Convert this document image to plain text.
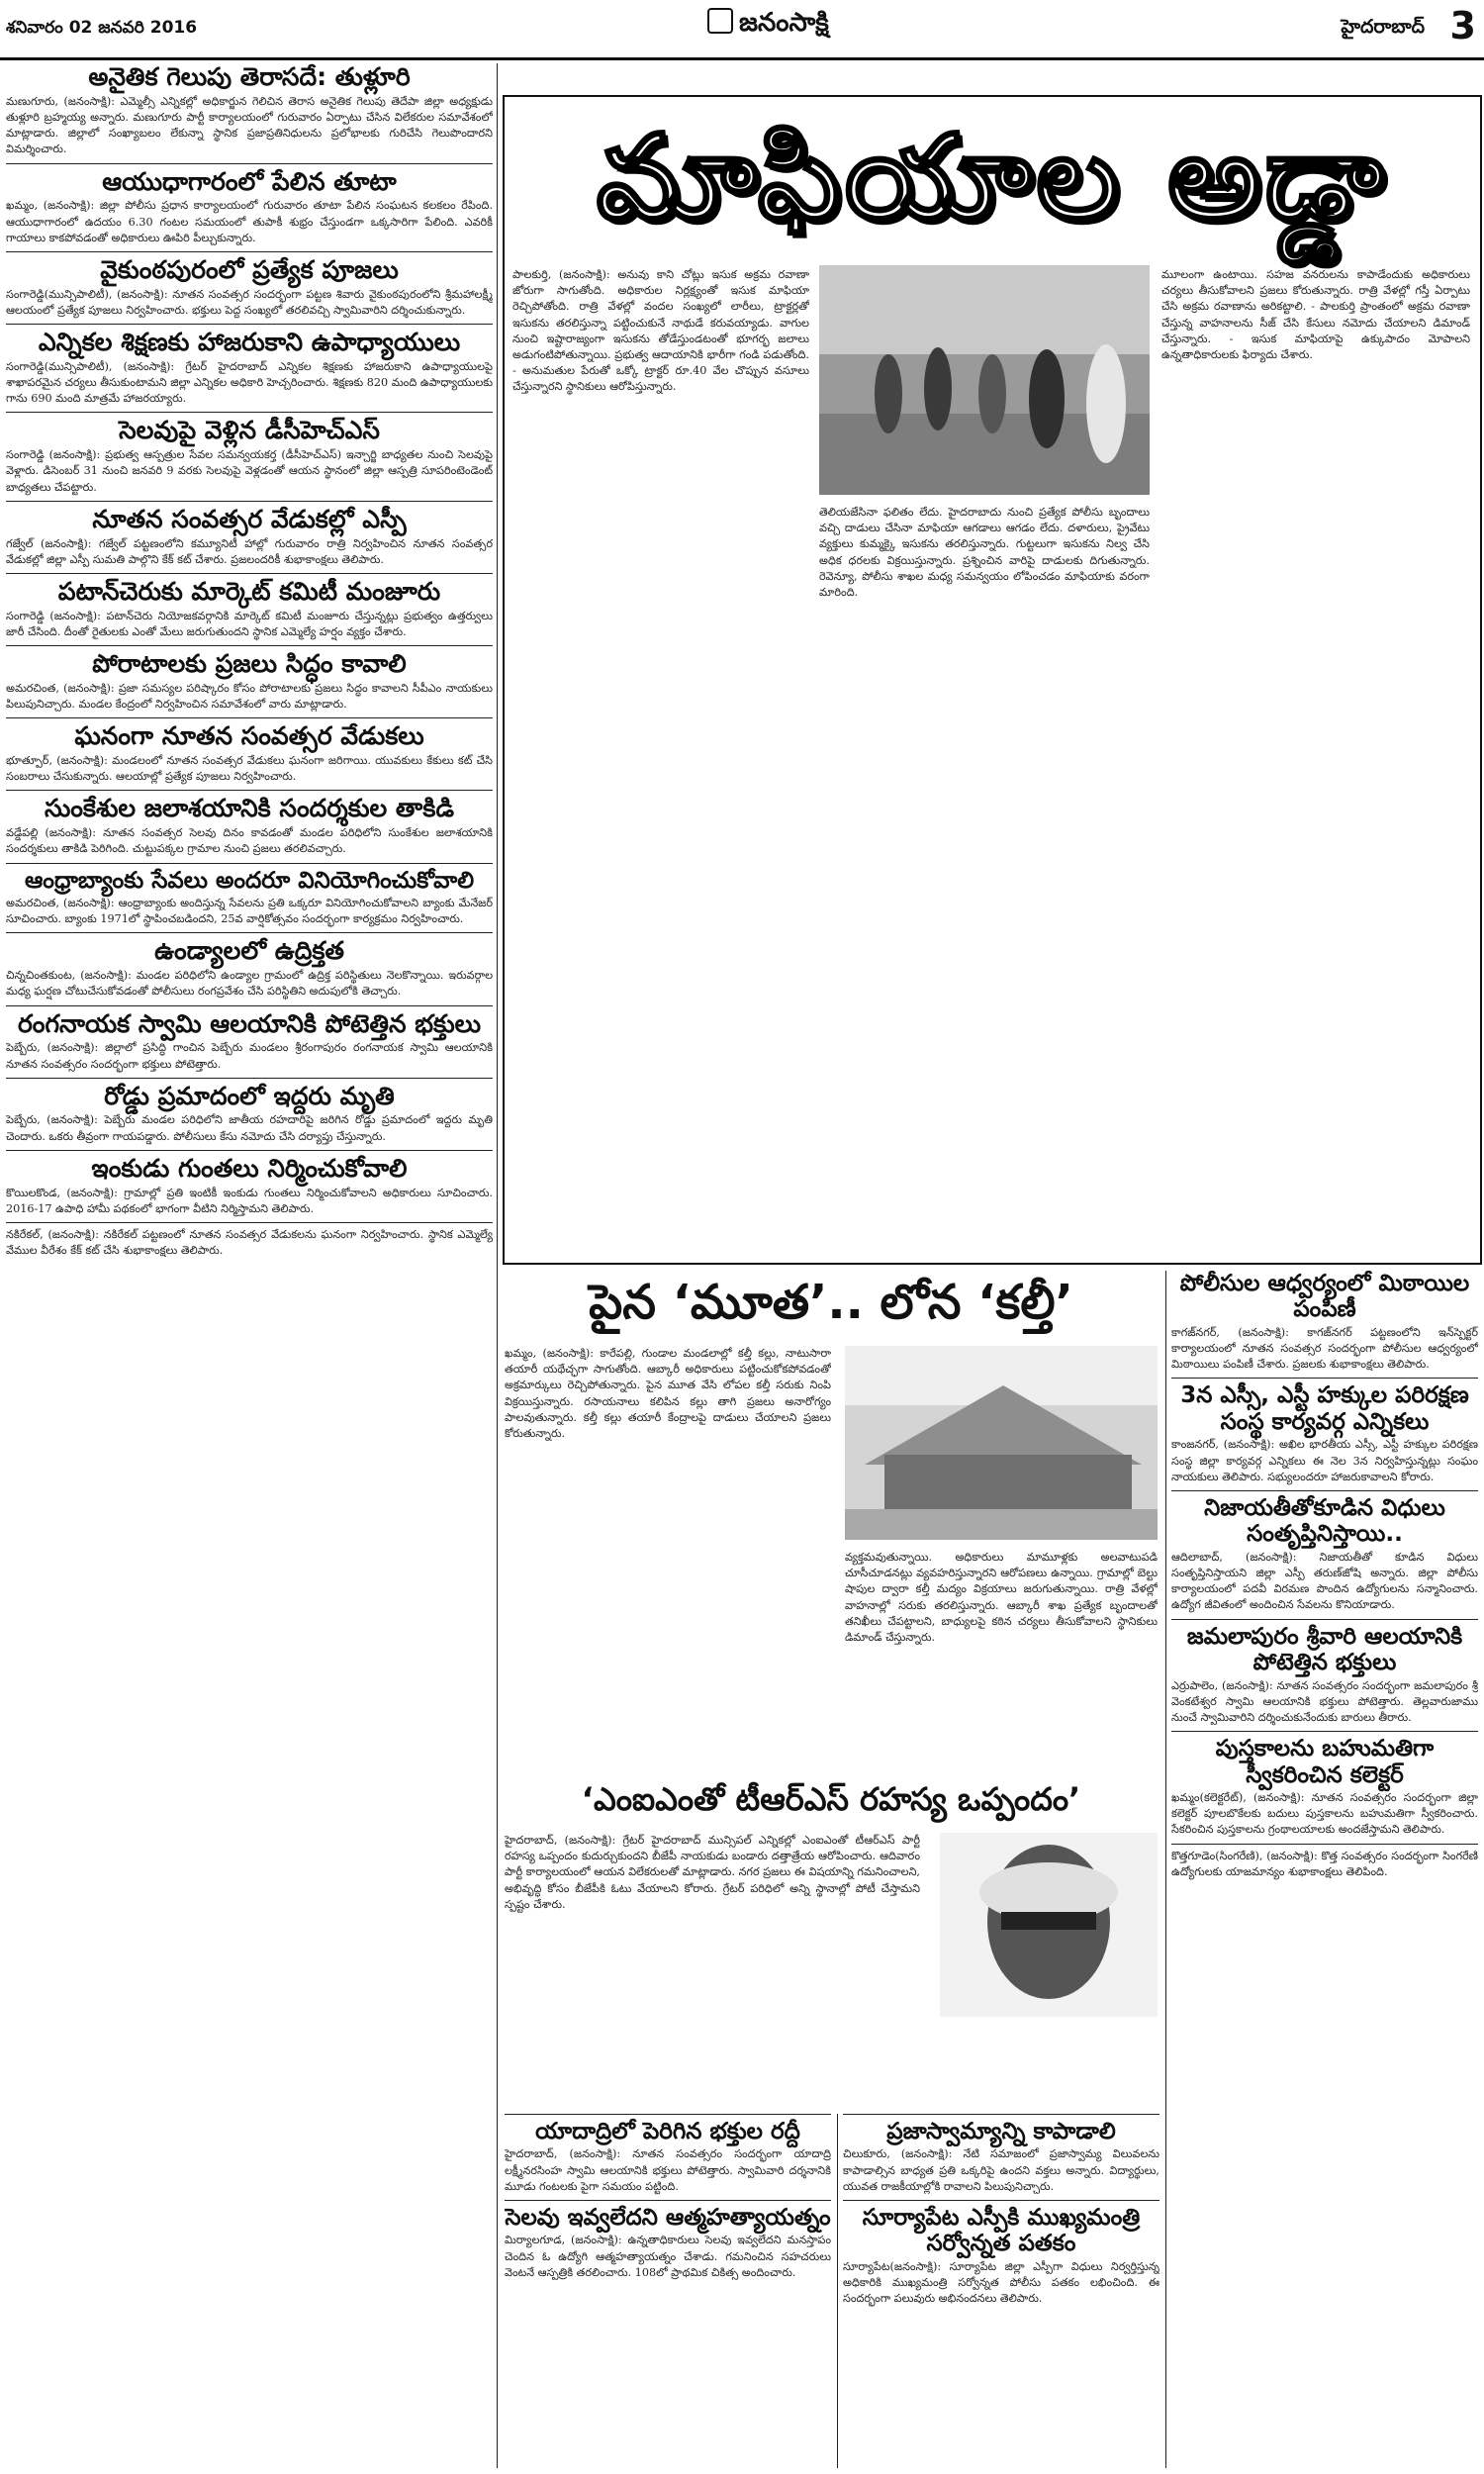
శనివారం 02 జనవరి 2016	జనంసాక్షి	హైదరాబాద్ 3
అనైతిక గెలుపు తెరాసదే: తుళ్లూరి

మణుగూరు, (జనంసాక్షి): ఎమ్మెల్సీ ఎన్నికల్లో అధికార్జున గెలిచిన తెరాస అనైతిక గెలుపు తెదేపా జిల్లా అధ్యక్షుడు తుళ్లూరి బ్రహ్మయ్య అన్నారు. మణుగూరు పార్టీ కార్యాలయంలో గురువారం ఏర్పాటు చేసిన విలేకరుల సమావేశంలో మాట్లాడారు. జిల్లాలో సంఖ్యాబలం లేకున్నా స్థానిక ప్రజాప్రతినిధులను ప్రలోభాలకు గురిచేసి గెలుపొందారని విమర్శించారు.

ఆయుధాగారంలో పేలిన తూటా

ఖమ్మం, (జనంసాక్షి): జిల్లా పోలీసు ప్రధాన కార్యాలయంలో గురువారం తూటా పేలిన సంఘటన కలకలం రేపింది. ఆయుధాగారంలో ఉదయం 6.30 గంటల సమయంలో తుపాకీ శుభ్రం చేస్తుండగా ఒక్కసారిగా పేలింది. ఎవరికీ గాయాలు కాకపోవడంతో అధికారులు ఊపిరి పీల్చుకున్నారు.

వైకుంఠపురంలో ప్రత్యేక పూజలు

సంగారెడ్డి(మున్సిపాలిటీ), (జనంసాక్షి): నూతన సంవత్సర సందర్భంగా పట్టణ శివారు వైకుంఠపురంలోని శ్రీమహాలక్ష్మీ ఆలయంలో ప్రత్యేక పూజలు నిర్వహించారు. భక్తులు పెద్ద సంఖ్యలో తరలివచ్చి స్వామివారిని దర్శించుకున్నారు.

ఎన్నికల శిక్షణకు హాజరుకాని ఉపాధ్యాయులు

సంగారెడ్డి(మున్సిపాలిటీ), (జనంసాక్షి): గ్రేటర్ హైదరాబాద్ ఎన్నికల శిక్షణకు హాజరుకాని ఉపాధ్యాయులపై శాఖాపరమైన చర్యలు తీసుకుంటామని జిల్లా ఎన్నికల అధికారి హెచ్చరించారు. శిక్షణకు 820 మంది ఉపాధ్యాయులకు గాను 690 మంది మాత్రమే హాజరయ్యారు.

సెలవుపై వెళ్లిన డీసీహెచ్ఎస్

సంగారెడ్డి (జనంసాక్షి): ప్రభుత్వ ఆస్పత్రుల సేవల సమన్వయకర్త (డీసీహెచ్ఎస్) ఇన్చార్జి బాధ్యతల నుంచి సెలవుపై వెళ్లారు. డిసెంబర్ 31 నుంచి జనవరి 9 వరకు సెలవుపై వెళ్లడంతో ఆయన స్థానంలో జిల్లా ఆస్పత్రి సూపరింటెండెంట్ బాధ్యతలు చేపట్టారు.

నూతన సంవత్సర వేడుకల్లో ఎస్పీ

గజ్వేల్ (జనంసాక్షి): గజ్వేల్ పట్టణంలోని కమ్యూనిటీ హాల్లో గురువారం రాత్రి నిర్వహించిన నూతన సంవత్సర వేడుకల్లో జిల్లా ఎస్పీ సుమతి పాల్గొని కేక్ కట్ చేశారు. ప్రజలందరికీ శుభాకాంక్షలు తెలిపారు.

పటాన్‌చెరుకు మార్కెట్ కమిటీ మంజూరు

సంగారెడ్డి (జనంసాక్షి): పటాన్‌చెరు నియోజకవర్గానికి మార్కెట్ కమిటీ మంజూరు చేస్తున్నట్లు ప్రభుత్వం ఉత్తర్వులు జారీ చేసింది. దీంతో రైతులకు ఎంతో మేలు జరుగుతుందని స్థానిక ఎమ్మెల్యే హర్షం వ్యక్తం చేశారు.

పోరాటాలకు ప్రజలు సిద్ధం కావాలి

అమరచింత, (జనంసాక్షి): ప్రజా సమస్యల పరిష్కారం కోసం పోరాటాలకు ప్రజలు సిద్ధం కావాలని సీపీఎం నాయకులు పిలుపునిచ్చారు. మండల కేంద్రంలో నిర్వహించిన సమావేశంలో వారు మాట్లాడారు.

ఘనంగా నూతన సంవత్సర వేడుకలు

భూత్పూర్, (జనంసాక్షి): మండలంలో నూతన సంవత్సర వేడుకలు ఘనంగా జరిగాయి. యువకులు కేకులు కట్ చేసి సంబరాలు చేసుకున్నారు. ఆలయాల్లో ప్రత్యేక పూజలు నిర్వహించారు.

సుంకేశుల జలాశయానికి సందర్శకుల తాకిడి

వడ్డేపల్లి (జనంసాక్షి): నూతన సంవత్సర సెలవు దినం కావడంతో మండల పరిధిలోని సుంకేశుల జలాశయానికి సందర్శకులు తాకిడి పెరిగింది. చుట్టుపక్కల గ్రామాల నుంచి ప్రజలు తరలివచ్చారు.

ఆంధ్రాబ్యాంకు సేవలు అందరూ వినియోగించుకోవాలి

అమరచింత, (జనంసాక్షి): ఆంధ్రాబ్యాంకు అందిస్తున్న సేవలను ప్రతి ఒక్కరూ వినియోగించుకోవాలని బ్యాంకు మేనేజర్ సూచించారు. బ్యాంకు 1971లో స్థాపించబడిందని, 25వ వార్షికోత్సవం సందర్భంగా కార్యక్రమం నిర్వహించారు.

ఉండ్యాలలో ఉద్రిక్తత

చిన్నచింతకుంట, (జనంసాక్షి): మండల పరిధిలోని ఉండ్యాల గ్రామంలో ఉద్రిక్త పరిస్థితులు నెలకొన్నాయి. ఇరువర్గాల మధ్య ఘర్షణ చోటుచేసుకోవడంతో పోలీసులు రంగప్రవేశం చేసి పరిస్థితిని అదుపులోకి తెచ్చారు.

రంగనాయక స్వామి ఆలయానికి పోటెత్తిన భక్తులు

పెబ్బేరు, (జనంసాక్షి): జిల్లాలో ప్రసిద్ధి గాంచిన పెబ్బేరు మండలం శ్రీరంగాపురం రంగనాయక స్వామి ఆలయానికి నూతన సంవత్సరం సందర్భంగా భక్తులు పోటెత్తారు.

రోడ్డు ప్రమాదంలో ఇద్దరు మృతి

పెబ్బేరు, (జనంసాక్షి): పెబ్బేరు మండల పరిధిలోని జాతీయ రహదారిపై జరిగిన రోడ్డు ప్రమాదంలో ఇద్దరు మృతి చెందారు. ఒకరు తీవ్రంగా గాయపడ్డారు. పోలీసులు కేసు నమోదు చేసి దర్యాప్తు చేస్తున్నారు.

ఇంకుడు గుంతలు నిర్మించుకోవాలి

కొయిలకొండ, (జనంసాక్షి): గ్రామాల్లో ప్రతి ఇంటికీ ఇంకుడు గుంతలు నిర్మించుకోవాలని అధికారులు సూచించారు. 2016-17 ఉపాధి హామీ పథకంలో భాగంగా వీటిని నిర్మిస్తామని తెలిపారు.

నకిరేకల్, (జనంసాక్షి): నకిరేకల్ పట్టణంలో నూతన సంవత్సర వేడుకలను ఘనంగా నిర్వహించారు. స్థానిక ఎమ్మెల్యే వేముల వీరేశం కేక్ కట్ చేసి శుభాకాంక్షలు తెలిపారు.

మాఫియాల అడ్డా

పాలకుర్తి, (జనంసాక్షి): అనువు కాని చోట్లు ఇసుక అక్రమ రవాణా జోరుగా సాగుతోంది. అధికారుల నిర్లక్ష్యంతో ఇసుక మాఫియా రెచ్చిపోతోంది. రాత్రి వేళల్లో వందల సంఖ్యలో లారీలు, ట్రాక్టర్లతో ఇసుకను తరలిస్తున్నా పట్టించుకునే నాథుడే కరువయ్యాడు. వాగుల నుంచి ఇష్టారాజ్యంగా ఇసుకను తోడేస్తుండటంతో భూగర్భ జలాలు అడుగంటిపోతున్నాయి. ప్రభుత్వ ఆదాయానికి భారీగా గండి పడుతోంది. - అనుమతుల పేరుతో ఒక్కో ట్రాక్టర్ రూ.40 వేల చొప్పున వసూలు చేస్తున్నారని స్థానికులు ఆరోపిస్తున్నారు.

తెలియజేసినా ఫలితం లేదు. హైదరాబాదు నుంచి ప్రత్యేక పోలీసు బృందాలు వచ్చి దాడులు చేసినా మాఫియా ఆగడాలు ఆగడం లేదు. దళారులు, ప్రైవేటు వ్యక్తులు కుమ్మక్కై ఇసుకను తరలిస్తున్నారు. గుట్టలుగా ఇసుకను నిల్వ చేసి అధిక ధరలకు విక్రయిస్తున్నారు. ప్రశ్నించిన వారిపై దాడులకు దిగుతున్నారు. రెవెన్యూ, పోలీసు శాఖల మధ్య సమన్వయం లోపించడం మాఫియాకు వరంగా మారింది.

మూలంగా ఉంటాయి. సహజ వనరులను కాపాడేందుకు అధికారులు చర్యలు తీసుకోవాలని ప్రజలు కోరుతున్నారు. రాత్రి వేళల్లో గస్తీ ఏర్పాటు చేసి అక్రమ రవాణాను అరికట్టాలి. - పాలకుర్తి ప్రాంతంలో అక్రమ రవాణా చేస్తున్న వాహనాలను సీజ్ చేసి కేసులు నమోదు చేయాలని డిమాండ్ చేస్తున్నారు. - ఇసుక మాఫియాపై ఉక్కుపాదం మోపాలని ఉన్నతాధికారులకు ఫిర్యాదు చేశారు.

పైన ‘మూత’.. లోన ‘కల్తీ’

ఖమ్మం, (జనంసాక్షి): కారేపల్లి, గుండాల మండలాల్లో కల్తీ కల్లు, నాటుసారా తయారీ యథేచ్ఛగా సాగుతోంది. ఆబ్కారీ అధికారులు పట్టించుకోకపోవడంతో అక్రమార్కులు రెచ్చిపోతున్నారు. పైన మూత వేసి లోపల కల్తీ సరుకు నింపి విక్రయిస్తున్నారు. రసాయనాలు కలిపిన కల్లు తాగి ప్రజలు అనారోగ్యం పాలవుతున్నారు. కల్తీ కల్లు తయారీ కేంద్రాలపై దాడులు చేయాలని ప్రజలు కోరుతున్నారు.

వ్యక్తమవుతున్నాయి. అధికారులు మామూళ్లకు అలవాటుపడి చూసీచూడనట్లు వ్యవహరిస్తున్నారని ఆరోపణలు ఉన్నాయి. గ్రామాల్లో బెల్టు షాపుల ద్వారా కల్తీ మద్యం విక్రయాలు జరుగుతున్నాయి. రాత్రి వేళల్లో వాహనాల్లో సరుకు తరలిస్తున్నారు. ఆబ్కారీ శాఖ ప్రత్యేక బృందాలతో తనిఖీలు చేపట్టాలని, బాధ్యులపై కఠిన చర్యలు తీసుకోవాలని స్థానికులు డిమాండ్ చేస్తున్నారు.

‘ఎంఐఎంతో టీఆర్ఎస్ రహస్య ఒప్పందం’

హైదరాబాద్, (జనంసాక్షి): గ్రేటర్ హైదరాబాద్ మున్సిపల్ ఎన్నికల్లో ఎంఐఎంతో టీఆర్ఎస్ పార్టీ రహస్య ఒప్పందం కుదుర్చుకుందని బీజేపీ నాయకుడు బండారు దత్తాత్రేయ ఆరోపించారు. ఆదివారం పార్టీ కార్యాలయంలో ఆయన విలేకరులతో మాట్లాడారు. నగర ప్రజలు ఈ విషయాన్ని గమనించాలని, అభివృద్ధి కోసం బీజేపీకి ఓటు వేయాలని కోరారు. గ్రేటర్ పరిధిలో అన్ని స్థానాల్లో పోటీ చేస్తామని స్పష్టం చేశారు.

యాదాద్రిలో పెరిగిన భక్తుల రద్దీ

హైదరాబాద్, (జనంసాక్షి): నూతన సంవత్సరం సందర్భంగా యాదాద్రి లక్ష్మీనరసింహ స్వామి ఆలయానికి భక్తులు పోటెత్తారు. స్వామివారి దర్శనానికి మూడు గంటలకు పైగా సమయం పట్టింది.

సెలవు ఇవ్వలేదని ఆత్మహత్యాయత్నం

మిర్యాలగూడ, (జనంసాక్షి): ఉన్నతాధికారులు సెలవు ఇవ్వలేదని మనస్తాపం చెందిన ఓ ఉద్యోగి ఆత్మహత్యాయత్నం చేశాడు. గమనించిన సహచరులు వెంటనే ఆస్పత్రికి తరలించారు. 108లో ప్రాథమిక చికిత్స అందించారు.

ప్రజాస్వామ్యాన్ని కాపాడాలి

చిలుకూరు, (జనంసాక్షి): నేటి సమాజంలో ప్రజాస్వామ్య విలువలను కాపాడాల్సిన బాధ్యత ప్రతి ఒక్కరిపై ఉందని వక్తలు అన్నారు. విద్యార్థులు, యువత రాజకీయాల్లోకి రావాలని పిలుపునిచ్చారు.

సూర్యాపేట ఎస్పీకి ముఖ్యమంత్రి సర్వోన్నత పతకం

సూర్యాపేట(జనంసాక్షి): సూర్యాపేట జిల్లా ఎస్పీగా విధులు నిర్వర్తిస్తున్న అధికారికి ముఖ్యమంత్రి సర్వోన్నత పోలీసు పతకం లభించింది. ఈ సందర్భంగా పలువురు అభినందనలు తెలిపారు.

పోలీసుల ఆధ్వర్యంలో మిఠాయిల పంపిణీ

కాగజ్‌నగర్, (జనంసాక్షి): కాగజ్‌నగర్ పట్టణంలోని ఇన్‌స్పెక్టర్ కార్యాలయంలో నూతన సంవత్సర సందర్భంగా పోలీసుల ఆధ్వర్యంలో మిఠాయిలు పంపిణీ చేశారు. ప్రజలకు శుభాకాంక్షలు తెలిపారు.

3న ఎస్సీ, ఎస్టీ హక్కుల పరిరక్షణ సంస్థ కార్యవర్గ ఎన్నికలు

కాంజనగర్, (జనంసాక్షి): అఖిల భారతీయ ఎస్సీ, ఎస్టీ హక్కుల పరిరక్షణ సంస్థ జిల్లా కార్యవర్గ ఎన్నికలు ఈ నెల 3న నిర్వహిస్తున్నట్లు సంఘం నాయకులు తెలిపారు. సభ్యులందరూ హాజరుకావాలని కోరారు.

నిజాయతీతోకూడిన విధులు సంతృప్తినిస్తాయి..

ఆదిలాబాద్, (జనంసాక్షి): నిజాయతీతో కూడిన విధులు సంతృప్తినిస్తాయని జిల్లా ఎస్పీ తరుణ్‌జోషి అన్నారు. జిల్లా పోలీసు కార్యాలయంలో పదవీ విరమణ పొందిన ఉద్యోగులను సన్మానించారు. ఉద్యోగ జీవితంలో అందించిన సేవలను కొనియాడారు.

జమలాపురం శ్రీవారి ఆలయానికి పోటెత్తిన భక్తులు

ఎర్రుపాలెం, (జనంసాక్షి): నూతన సంవత్సరం సందర్భంగా జమలాపురం శ్రీ వెంకటేశ్వర స్వామి ఆలయానికి భక్తులు పోటెత్తారు. తెల్లవారుజాము నుంచే స్వామివారిని దర్శించుకునేందుకు బారులు తీరారు.

పుస్తకాలను బహుమతిగా స్వీకరించిన కలెక్టర్

ఖమ్మం(కలెక్టరేట్), (జనంసాక్షి): నూతన సంవత్సరం సందర్భంగా జిల్లా కలెక్టర్ పూలబొకేలకు బదులు పుస్తకాలను బహుమతిగా స్వీకరించారు. సేకరించిన పుస్తకాలను గ్రంథాలయాలకు అందజేస్తామని తెలిపారు.

కొత్తగూడెం(సింగరేణి), (జనంసాక్షి): కొత్త సంవత్సరం సందర్భంగా సింగరేణి ఉద్యోగులకు యాజమాన్యం శుభాకాంక్షలు తెలిపింది.
